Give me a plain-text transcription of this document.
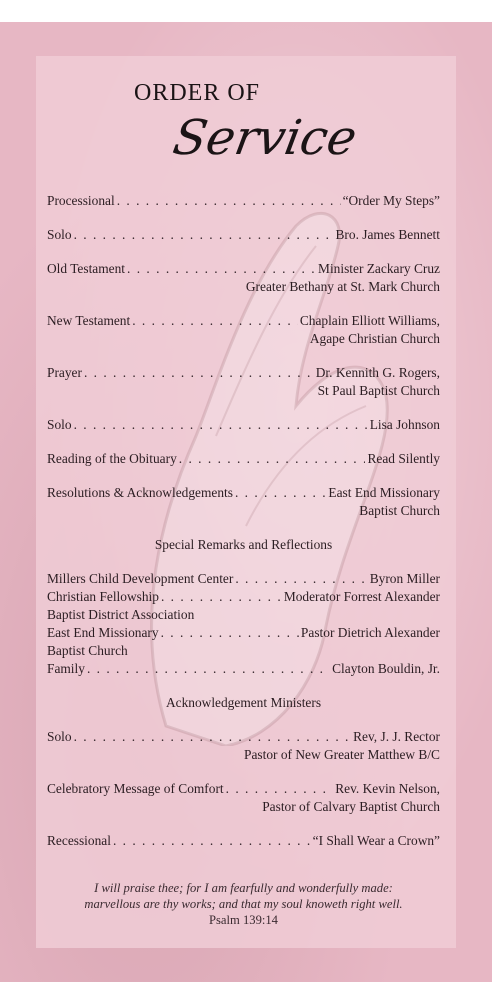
ORDER OF
Service
Processional . . .	“Order My Steps”
Solo . . .	Bro. James Bennett
Old Testament . . .	Minister Zackary Cruz
Greater Bethany at St. Mark Church
New Testament . . .	Chaplain Elliott Williams,
Agape Christian Church
Prayer . . .	Dr. Kennith G. Rogers,
St Paul Baptist Church
Solo . . .	Lisa Johnson
Reading of the Obituary . . .	Read Silently
Resolutions & Acknowledgements . . .	East End Missionary
Baptist Church
Special Remarks and Reflections
Millers Child Development Center . . .	Byron Miller
Christian Fellowship . . .	Moderator Forrest Alexander
Baptist District Association
East End Missionary . . .	Pastor Dietrich Alexander
Baptist Church
Family . . .	Clayton Bouldin, Jr.
Acknowledgement Ministers
Solo . . .	Rev, J. J. Rector
Pastor of New Greater Matthew B/C
Celebratory Message of Comfort . . .	Rev. Kevin Nelson,
Pastor of Calvary Baptist Church
Recessional . . .	“I Shall Wear a Crown”
I will praise thee; for I am fearfully and wonderfully made:
marvellous are thy works; and that my soul knoweth right well.
Psalm 139:14
